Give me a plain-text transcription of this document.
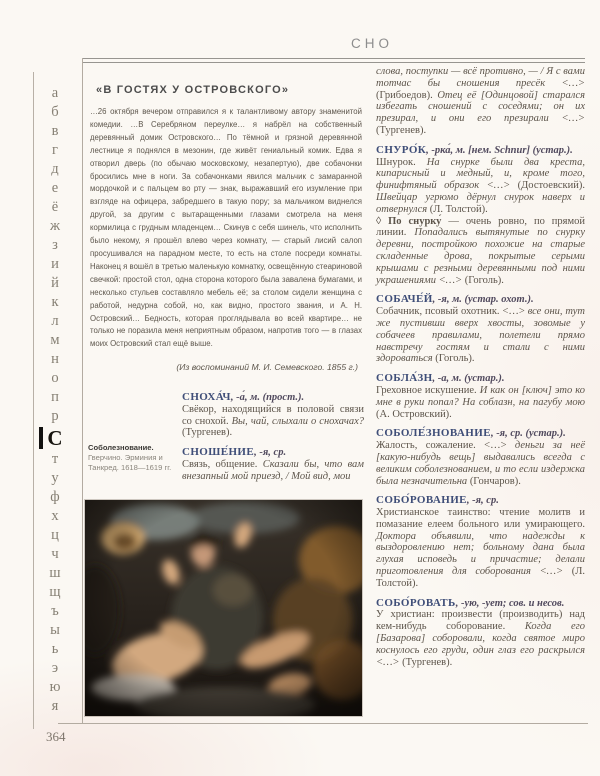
СНО
а
б
в
г
д
е
ё
ж
з
и
й
к
л
м
н
о
п
р
С
т
у
ф
х
ц
ч
ш
щ
ъ
ы
ь
э
ю
я
«В ГОСТЯХ У ОСТРОВСКОГО»

…26 октября вечером отправился я к талантливому автору знаменитой комедии. …В Серебряном переулке… я набрёл на собственный деревянный домик Островского… По тёмной и грязной деревянной лестнице я поднялся в мезонин, где живёт гениальный комик. Едва я отворил дверь (по обычаю московскому, незапертую), две собачонки бросились мне в ноги. За собачонками явился мальчик с замаранной мордочкой и с пальцем во рту — знак, выражавший его изумление при взгляде на офицера, забредшего в такую пору; за мальчиком виднелся другой, за другим с вытаращенными глазами смотрела на меня кормилица с грудным младенцем… Скинув с себя шинель, что исполнить было некому, я прошёл влево через комнату, — старый лисий салоп просушивался на парадном месте, то есть на столе посреди комнаты. Наконец я вошёл в третью маленькую комнатку, освещённую стеариновой свечкой: простой стол, одна сторона которого была завалена бумагами, и несколько стульев составляло мебель её; за столом сидели женщина с работой, недурна собой, но, как видно, простого звания, и А. Н. Островский… Бедность, которая проглядывала во всей квартире… не только не поразила меня неприятным образом, напротив того — в глазах моих Островский стал ещё выше.

(Из воспоминаний М. И. Семевского. 1855 г.)
Соболезнование.
Гверчино. Эрминия и Танкред. 1618—1619 гг.
СНОХА́Ч, -а́, м. (прост.).
Свёкор, находящийся в половой связи со снохой. Вы, чай, слыхали о снохачах? (Тургенев).
СНОШЕ́НИЕ, -я, ср.
Связь, общение. Сказали бы, что вам внезапный мой приезд, / Мой вид, мои
слова, поступки — всё противно, — / Я с вами тотчас бы сношения пресёк <…> (Грибоедов). Отец её [Одинцовой] старался избегать сношений с соседями; он их презирал, и они его презирали <…> (Тургенев).
СНУРО́К, -рка́, м. [нем. Schnur] (устар.).
Шнурок. На снурке были два креста, кипарисный и медный, и, кроме того, финифтяный образок <…> (Достоевский). Швейцар угрюмо дёрнул снурок наверх и отвернулся (Л. Толстой).
◊ По снурку́ — очень ровно, по прямой линии. Попадались вытянутые по снурку деревни, постройкою похожие на старые складенные дрова, покрытые серыми крышами с резными деревянными под ними украшениями <…> (Гоголь).
СОБАЧЕ́Й, -я, м. (устар. охот.).
Собачник, псовый охотник. <…> все они, тут же пустивши вверх хвосты, зовомые у собачеев правилами, полетели прямо навстречу гостям и стали с ними здороваться (Гоголь).
СОБЛА́ЗН, -а, м. (устар.).
Греховное искушение. И как он [ключ] это ко мне в руки попал? На соблазн, на пагубу мою (А. Островский).
СОБОЛЕ́ЗНОВАНИЕ, -я, ср. (устар.).
Жалость, сожаление. <…> деньги за неё [какую-нибудь вещь] выдавались всегда с великим соболезнованием, и то если издержка была незначительна (Гончаров).
СОБО́РОВАНИЕ, -я, ср.
Христианское таинство: чтение молитв и помазание елеем больного или умирающего. Доктора объявили, что надежды к выздоровлению нет; больному дана была глухая исповедь и причастие; делали приготовления для соборования <…> (Л. Толстой).
СОБО́РОВАТЬ, -ую, -ует; сов. и несов.
У христиан: произвести (производить) над кем-нибудь соборование. Когда его [Базарова] соборовали, когда святое миро коснулось его груди, один глаз его раскрылся <…> (Тургенев).
364
